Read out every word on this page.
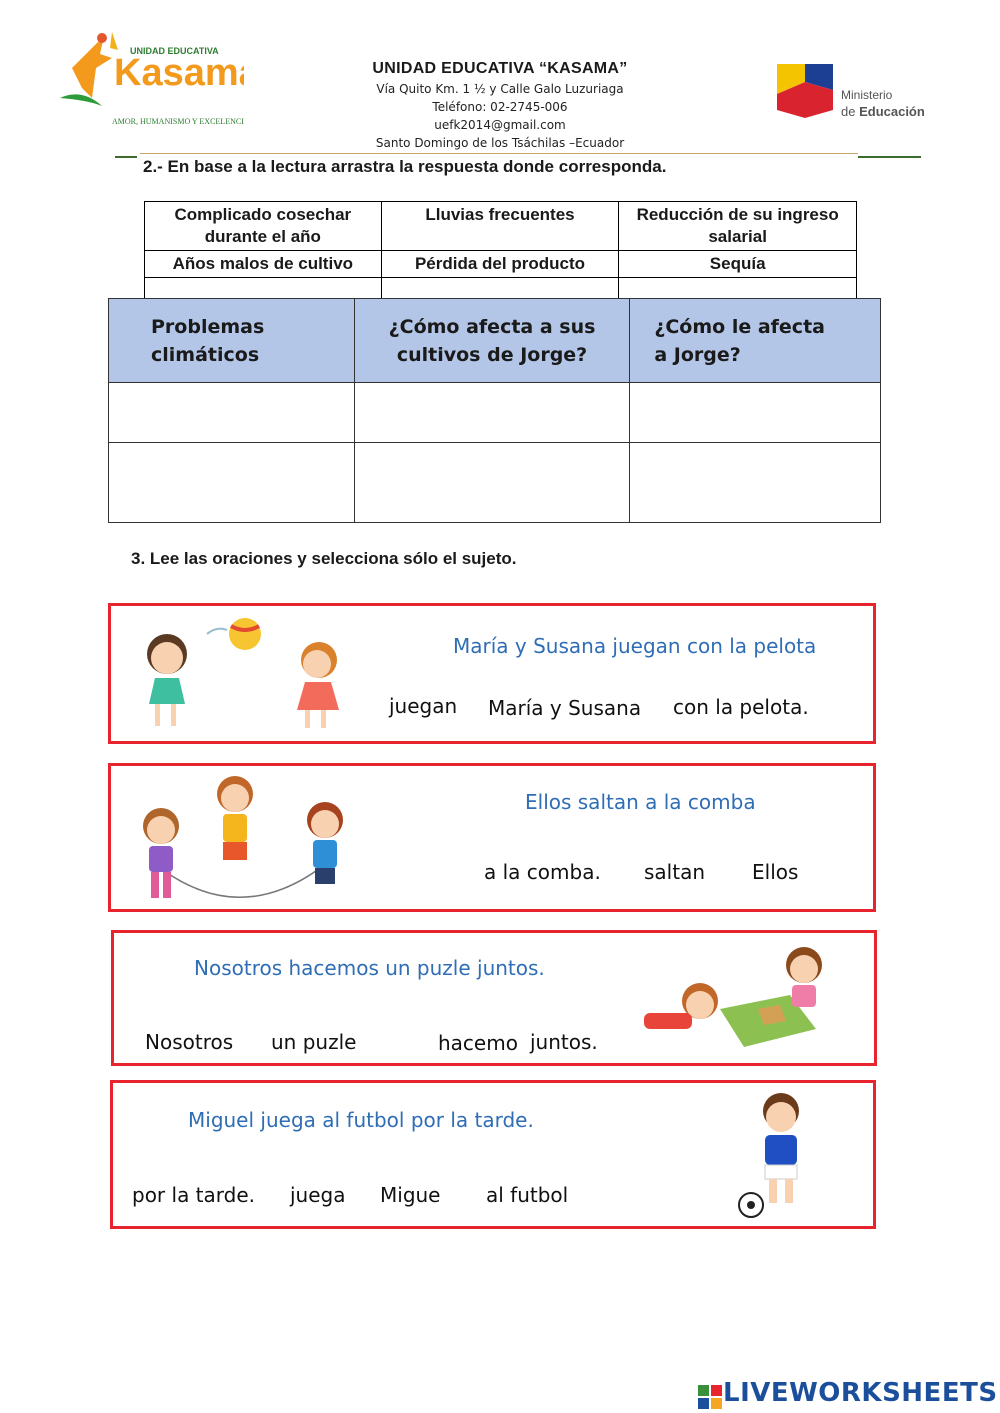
Kasam
UNIDAD EDUCATIVA
AMOR, HUMANISMO Y EXCELENCIA
UNIDAD EDUCATIVA “KASAMA”
Vía Quito Km. 1 ½ y Calle Galo Luzuriaga
Teléfono: 02-2745-006
uefk2014@gmail.com
Santo Domingo de los Tsáchilas –Ecuador
Ministerio
de Educación
2.- En base a la lectura arrastra la respuesta donde corresponda.
Complicado cosechar durante el año	Lluvias frecuentes	Reducción de su ingreso salarial
Años malos de cultivo	Pérdida del producto	Sequía

Problemas climáticos	¿Cómo afecta a sus cultivos de Jorge?	¿Cómo le afecta a Jorge?

3. Lee las oraciones y selecciona sólo el sujeto.
María y Susana juegan con la pelota
juegan María y Susana con la pelota.
Ellos saltan a la comba
a la comba. saltan Ellos
Nosotros hacemos un puzle juntos.
Nosotros un puzle	hacemo juntos.
Miguel juega al futbol por la tarde.
por la tarde. juega Migue al futbol
LIVEWORKSHEETS
